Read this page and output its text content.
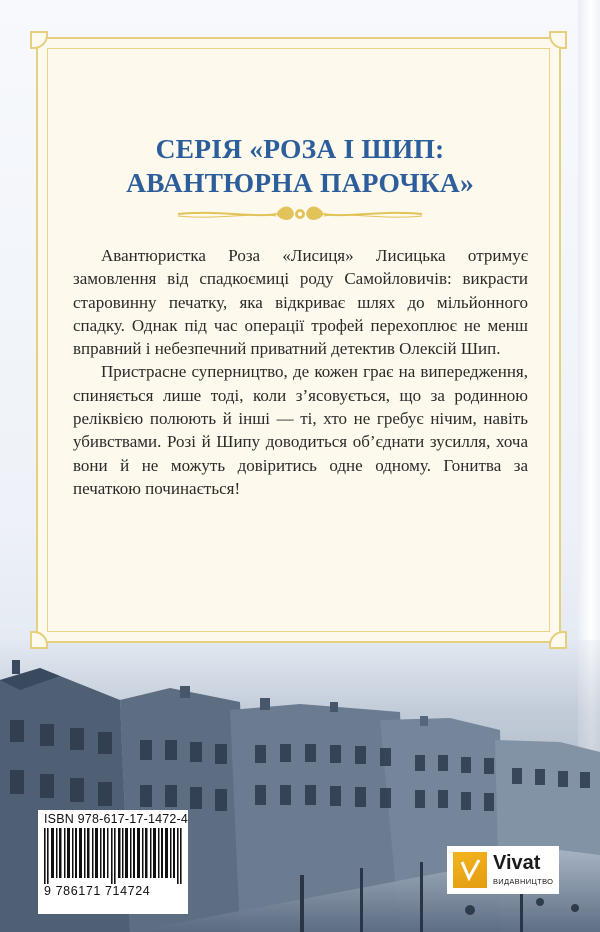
СЕРІЯ «РОЗА І ШИП:
АВАНТЮРНА ПАРОЧКА»

Авантюристка Роза «Лисиця» Лисицька отримує замовлення від спадкоємиці роду Самойловичів: викрасти старовинну печатку, яка відкриває шлях до мільйонного спадку. Однак під час операції трофей перехоплює не менш вправний і небезпечний приватний детектив Олексій Шип.

Пристрасне суперництво, де кожен грає на випередження, спиняється лише тоді, коли з’ясовується, що за родинною реліквією полюють й інші — ті, хто не гребує нічим, навіть убивствами. Розі й Шипу доводиться об’єднати зусилля, хоча вони й не можуть довіритись одне одному. Гонитва за печаткою починається!

ISBN 978-617-17-1472-4
9 786171 714724
Vivat
ВИДАВНИЦТВО
